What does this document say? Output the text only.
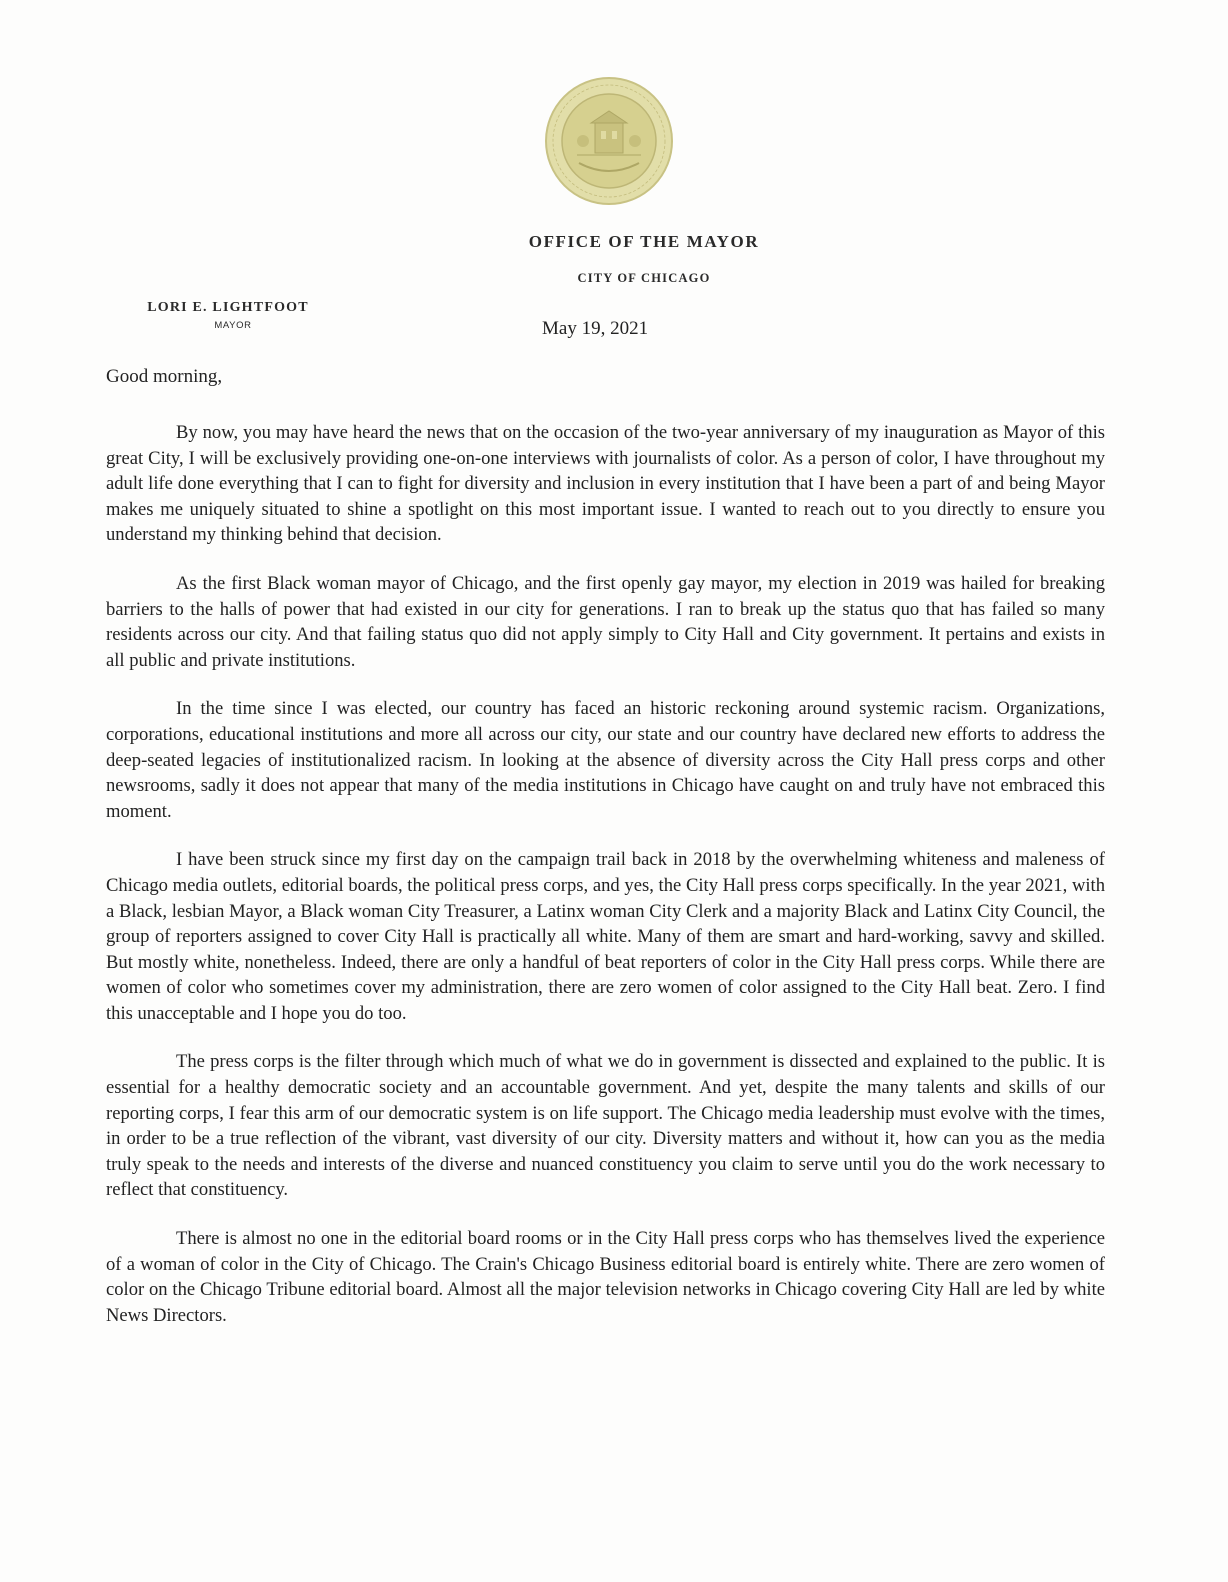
OFFICE OF THE MAYOR
CITY OF CHICAGO
LORI E. LIGHTFOOT
MAYOR	May 19, 2021
Good morning,

By now, you may have heard the news that on the occasion of the two-year anniversary of my inauguration as Mayor of this great City, I will be exclusively providing one-on-one interviews with journalists of color. As a person of color, I have throughout my adult life done everything that I can to fight for diversity and inclusion in every institution that I have been a part of and being Mayor makes me uniquely situated to shine a spotlight on this most important issue. I wanted to reach out to you directly to ensure you understand my thinking behind that decision.

As the first Black woman mayor of Chicago, and the first openly gay mayor, my election in 2019 was hailed for breaking barriers to the halls of power that had existed in our city for generations. I ran to break up the status quo that has failed so many residents across our city. And that failing status quo did not apply simply to City Hall and City government. It pertains and exists in all public and private institutions.

In the time since I was elected, our country has faced an historic reckoning around systemic racism. Organizations, corporations, educational institutions and more all across our city, our state and our country have declared new efforts to address the deep-seated legacies of institutionalized racism. In looking at the absence of diversity across the City Hall press corps and other newsrooms, sadly it does not appear that many of the media institutions in Chicago have caught on and truly have not embraced this moment.

I have been struck since my first day on the campaign trail back in 2018 by the overwhelming whiteness and maleness of Chicago media outlets, editorial boards, the political press corps, and yes, the City Hall press corps specifically. In the year 2021, with a Black, lesbian Mayor, a Black woman City Treasurer, a Latinx woman City Clerk and a majority Black and Latinx City Council, the group of reporters assigned to cover City Hall is practically all white. Many of them are smart and hard-working, savvy and skilled. But mostly white, nonetheless. Indeed, there are only a handful of beat reporters of color in the City Hall press corps. While there are women of color who sometimes cover my administration, there are zero women of color assigned to the City Hall beat. Zero. I find this unacceptable and I hope you do too.

The press corps is the filter through which much of what we do in government is dissected and explained to the public. It is essential for a healthy democratic society and an accountable government. And yet, despite the many talents and skills of our reporting corps, I fear this arm of our democratic system is on life support. The Chicago media leadership must evolve with the times, in order to be a true reflection of the vibrant, vast diversity of our city. Diversity matters and without it, how can you as the media truly speak to the needs and interests of the diverse and nuanced constituency you claim to serve until you do the work necessary to reflect that constituency.

There is almost no one in the editorial board rooms or in the City Hall press corps who has themselves lived the experience of a woman of color in the City of Chicago. The Crain's Chicago Business editorial board is entirely white. There are zero women of color on the Chicago Tribune editorial board. Almost all the major television networks in Chicago covering City Hall are led by white News Directors.
